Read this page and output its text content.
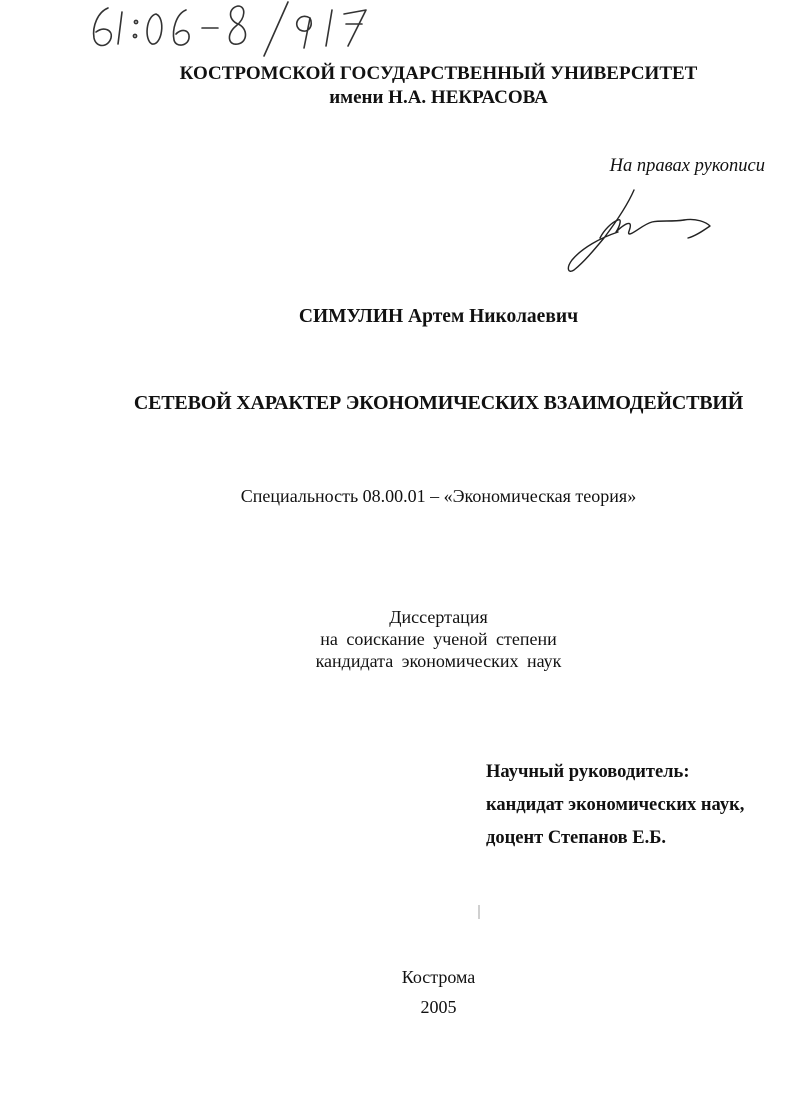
КОСТРОМСКОЙ ГОСУДАРСТВЕННЫЙ УНИВЕРСИТЕТ
имени Н.А. НЕКРАСОВА
На правах рукописи
СИМУЛИН Артем Николаевич
СЕТЕВОЙ ХАРАКТЕР ЭКОНОМИЧЕСКИХ ВЗАИМОДЕЙСТВИЙ
Специальность 08.00.01 – «Экономическая теория»
Диссертация
на соискание ученой степени
кандидата экономических наук
Научный руководитель:
кандидат экономических наук,
доцент Степанов Е.Б.
Кострома
2005
